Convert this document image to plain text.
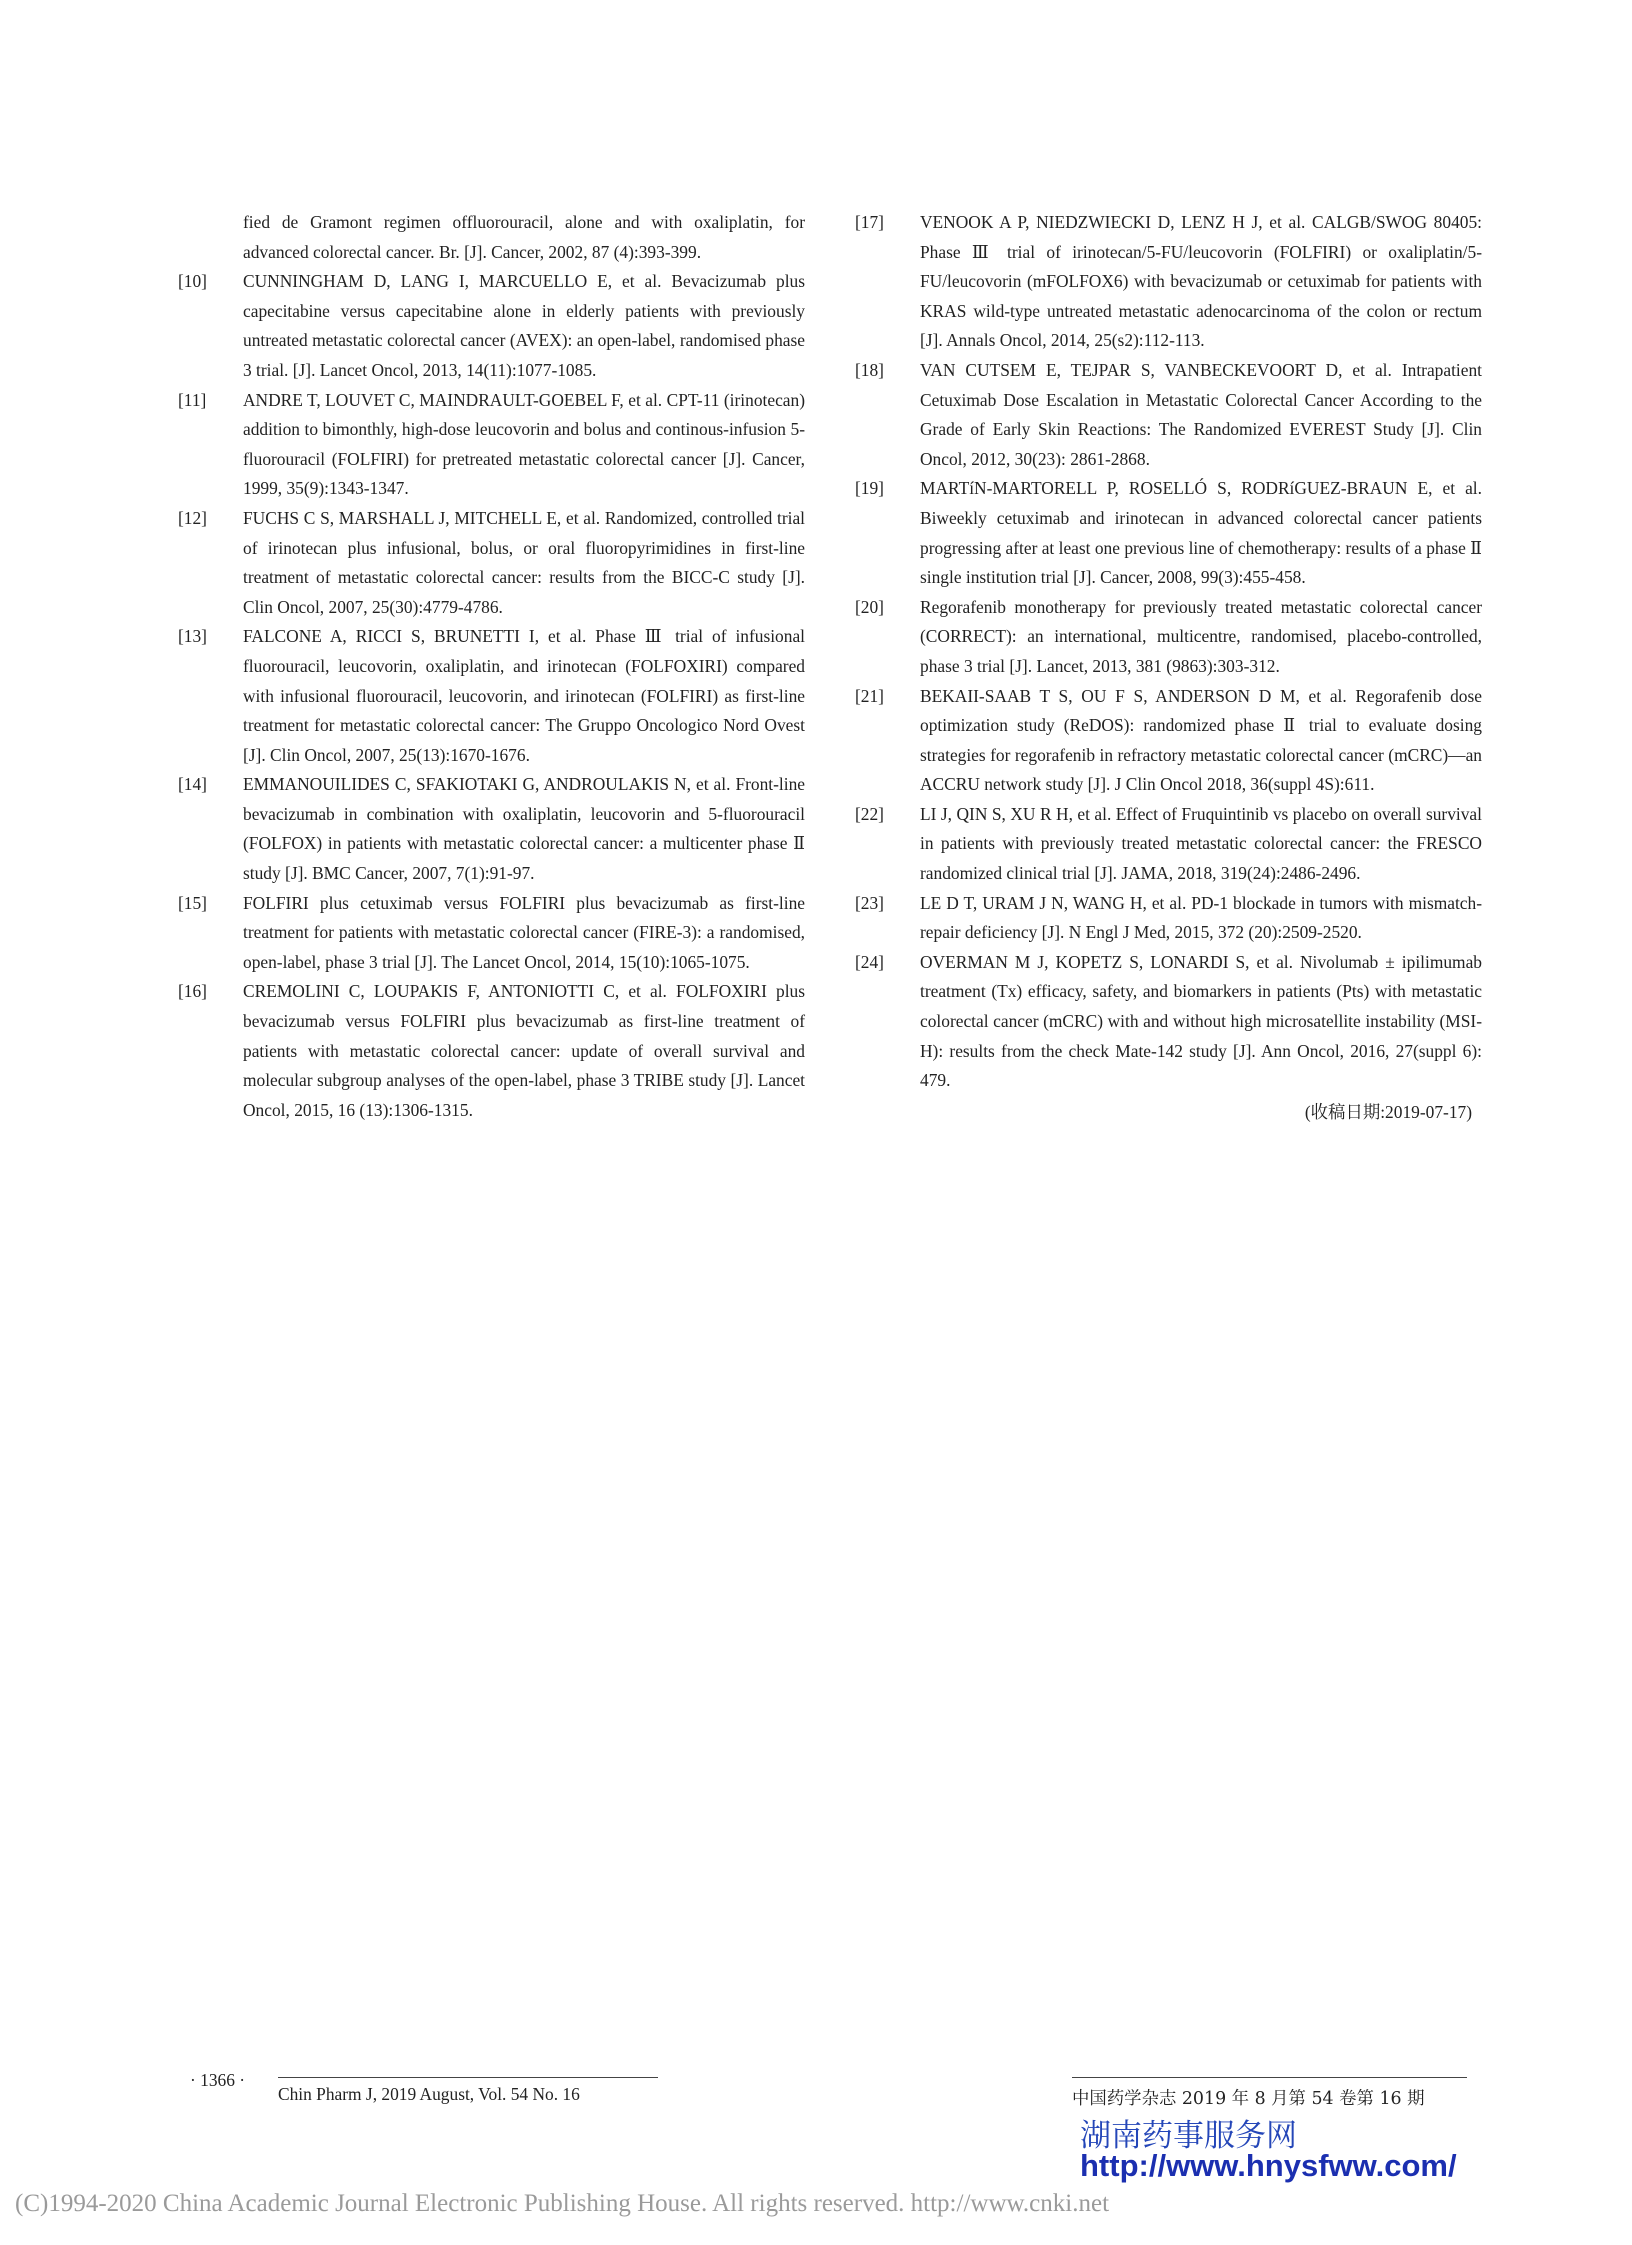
fied de Gramont regimen offluorouracil, alone and with oxaliplatin, for advanced colorectal cancer. Br. [J]. Cancer, 2002, 87 (4):393-399.

[10] CUNNINGHAM D, LANG I, MARCUELLO E, et al. Bevacizumab plus capecitabine versus capecitabine alone in elderly patients with previously untreated metastatic colorectal cancer (AVEX): an open-label, randomised phase 3 trial. [J]. Lancet Oncol, 2013, 14(11):1077-1085.

[11] ANDRE T, LOUVET C, MAINDRAULT-GOEBEL F, et al. CPT-11 (irinotecan) addition to bimonthly, high-dose leucovorin and bolus and continous-infusion 5-fluorouracil (FOLFIRI) for pretreated metastatic colorectal cancer [J]. Cancer, 1999, 35(9):1343-1347.

[12] FUCHS C S, MARSHALL J, MITCHELL E, et al. Randomized, controlled trial of irinotecan plus infusional, bolus, or oral fluoropyrimidines in first-line treatment of metastatic colorectal cancer: results from the BICC-C study [J]. Clin Oncol, 2007, 25(30):4779-4786.

[13] FALCONE A, RICCI S, BRUNETTI I, et al. Phase Ⅲ trial of infusional fluorouracil, leucovorin, oxaliplatin, and irinotecan (FOLFOXIRI) compared with infusional fluorouracil, leucovorin, and irinotecan (FOLFIRI) as first-line treatment for metastatic colorectal cancer: The Gruppo Oncologico Nord Ovest [J]. Clin Oncol, 2007, 25(13):1670-1676.

[14] EMMANOUILIDES C, SFAKIOTAKI G, ANDROULAKIS N, et al. Front-line bevacizumab in combination with oxaliplatin, leucovorin and 5-fluorouracil (FOLFOX) in patients with metastatic colorectal cancer: a multicenter phase Ⅱ study [J]. BMC Cancer, 2007, 7(1):91-97.

[15] FOLFIRI plus cetuximab versus FOLFIRI plus bevacizumab as first-line treatment for patients with metastatic colorectal cancer (FIRE-3): a randomised, open-label, phase 3 trial [J]. The Lancet Oncol, 2014, 15(10):1065-1075.

[16] CREMOLINI C, LOUPAKIS F, ANTONIOTTI C, et al. FOLFOXIRI plus bevacizumab versus FOLFIRI plus bevacizumab as first-line treatment of patients with metastatic colorectal cancer: update of overall survival and molecular subgroup analyses of the open-label, phase 3 TRIBE study [J]. Lancet Oncol, 2015, 16 (13):1306-1315.

[17] VENOOK A P, NIEDZWIECKI D, LENZ H J, et al. CALGB/SWOG 80405: Phase Ⅲ trial of irinotecan/5-FU/leucovorin (FOLFIRI) or oxaliplatin/5-FU/leucovorin (mFOLFOX6) with bevacizumab or cetuximab for patients with KRAS wild-type untreated metastatic adenocarcinoma of the colon or rectum [J]. Annals Oncol, 2014, 25(s2):112-113.

[18] VAN CUTSEM E, TEJPAR S, VANBECKEVOORT D, et al. Intrapatient Cetuximab Dose Escalation in Metastatic Colorectal Cancer According to the Grade of Early Skin Reactions: The Randomized EVEREST Study [J]. Clin Oncol, 2012, 30(23): 2861-2868.

[19] MARTíN-MARTORELL P, ROSELLÓ S, RODRíGUEZ-BRAUN E, et al. Biweekly cetuximab and irinotecan in advanced colorectal cancer patients progressing after at least one previous line of chemotherapy: results of a phase Ⅱ single institution trial [J]. Cancer, 2008, 99(3):455-458.

[20] Regorafenib monotherapy for previously treated metastatic colorectal cancer (CORRECT): an international, multicentre, randomised, placebo-controlled, phase 3 trial [J]. Lancet, 2013, 381 (9863):303-312.

[21] BEKAII-SAAB T S, OU F S, ANDERSON D M, et al. Regorafenib dose optimization study (ReDOS): randomized phase Ⅱ trial to evaluate dosing strategies for regorafenib in refractory metastatic colorectal cancer (mCRC)—an ACCRU network study [J]. J Clin Oncol 2018, 36(suppl 4S):611.

[22] LI J, QIN S, XU R H, et al. Effect of Fruquintinib vs placebo on overall survival in patients with previously treated metastatic colorectal cancer: the FRESCO randomized clinical trial [J]. JAMA, 2018, 319(24):2486-2496.

[23] LE D T, URAM J N, WANG H, et al. PD-1 blockade in tumors with mismatch-repair deficiency [J]. N Engl J Med, 2015, 372 (20):2509-2520.

[24] OVERMAN M J, KOPETZ S, LONARDI S, et al. Nivolumab ± ipilimumab treatment (Tx) efficacy, safety, and biomarkers in patients (Pts) with metastatic colorectal cancer (mCRC) with and without high microsatellite instability (MSI-H): results from the check Mate-142 study [J]. Ann Oncol, 2016, 27(suppl 6): 479.

(收稿日期:2019-07-17)
· 1366 ·
Chin Pharm J, 2019 August, Vol. 54 No. 16	中国药学杂志 2019 年 8 月第 54 卷第 16 期
湖南药事服务网
http://www.hnysfww.com/
(C)1994-2020 China Academic Journal Electronic Publishing House. All rights reserved. http://www.cnki.net
